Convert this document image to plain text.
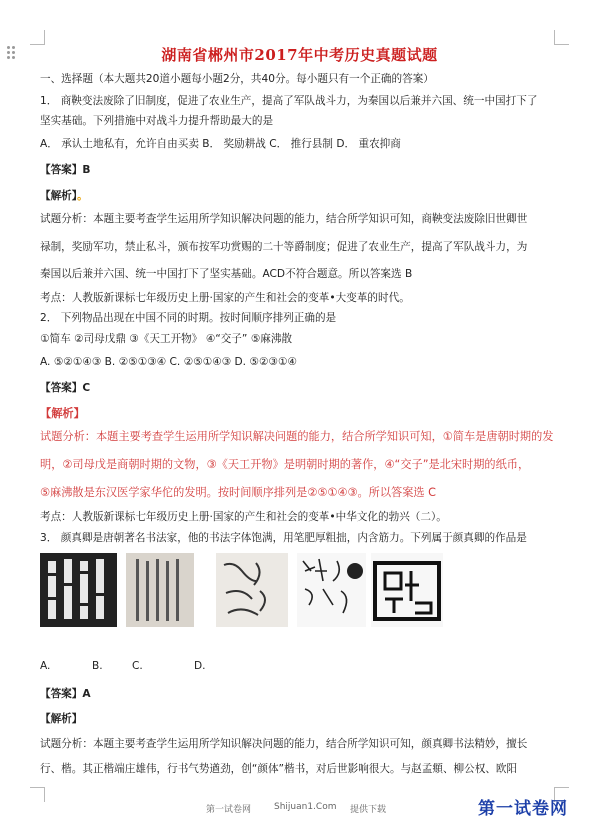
湖南省郴州市2017年中考历史真题试题
一、选择题（本大题共20道小题每小题2分，共40分。每小题只有一个正确的答案）
1． 商鞅变法废除了旧制度，促进了农业生产，提高了军队战斗力，为秦国以后兼并六国、统一中国打下了
坚实基础。下列措施中对战斗力提升帮助最大的是
A． 承认土地私有，允许自由买卖 B． 奖励耕战 C． 推行县制 D． 重农抑商
【答案】B
【解析】。
试题分析：本题主要考查学生运用所学知识解决问题的能力，结合所学知识可知，商鞅变法废除旧世卿世
禄制，奖励军功，禁止私斗，颁布按军功赏赐的二十等爵制度；促进了农业生产，提高了军队战斗力，为
秦国以后兼并六国、统一中国打下了坚实基础。ACD不符合题意。所以答案选 B
考点：人教版新课标七年级历史上册·国家的产生和社会的变革•大变革的时代。
2． 下列物品出现在中国不同的时期。按时间顺序排列正确的是
①简车 ②司母戊鼎 ③《天工开物》 ④“交子” ⑤麻沸散
A. ⑤②①④③ B. ②⑤①③④ C. ②⑤①④③ D. ⑤②③①④
【答案】C
【解析】
试题分析：本题主要考查学生运用所学知识解决问题的能力，结合所学知识可知，①简车是唐朝时期的发
明，②司母戊是商朝时期的文物，③《天工开物》是明朝时期的著作，④“交子”是北宋时期的纸币，
⑤麻沸散是东汉医学家华佗的发明。按时间顺序排列是②⑤①④③。所以答案选 C
考点：人教版新课标七年级历史上册·国家的产生和社会的变革•中华文化的勃兴（二）。
3． 颜真卿是唐朝著名书法家，他的书法字体饱满，用笔肥厚粗拙，内含筋力。下列属于颜真卿的作品是
A.	B.	C.	D.
【答案】A
【解析】
试题分析：本题主要考查学生运用所学知识解决问题的能力，结合所学知识可知，颜真卿书法精妙，擅长
行、楷。其正楷端庄雄伟，行书气势遒劲，创“颜体”楷书，对后世影响很大。与赵孟頫、柳公权、欧阳
第一试卷网	Shijuan1.Com 提供下载	第一试卷网
